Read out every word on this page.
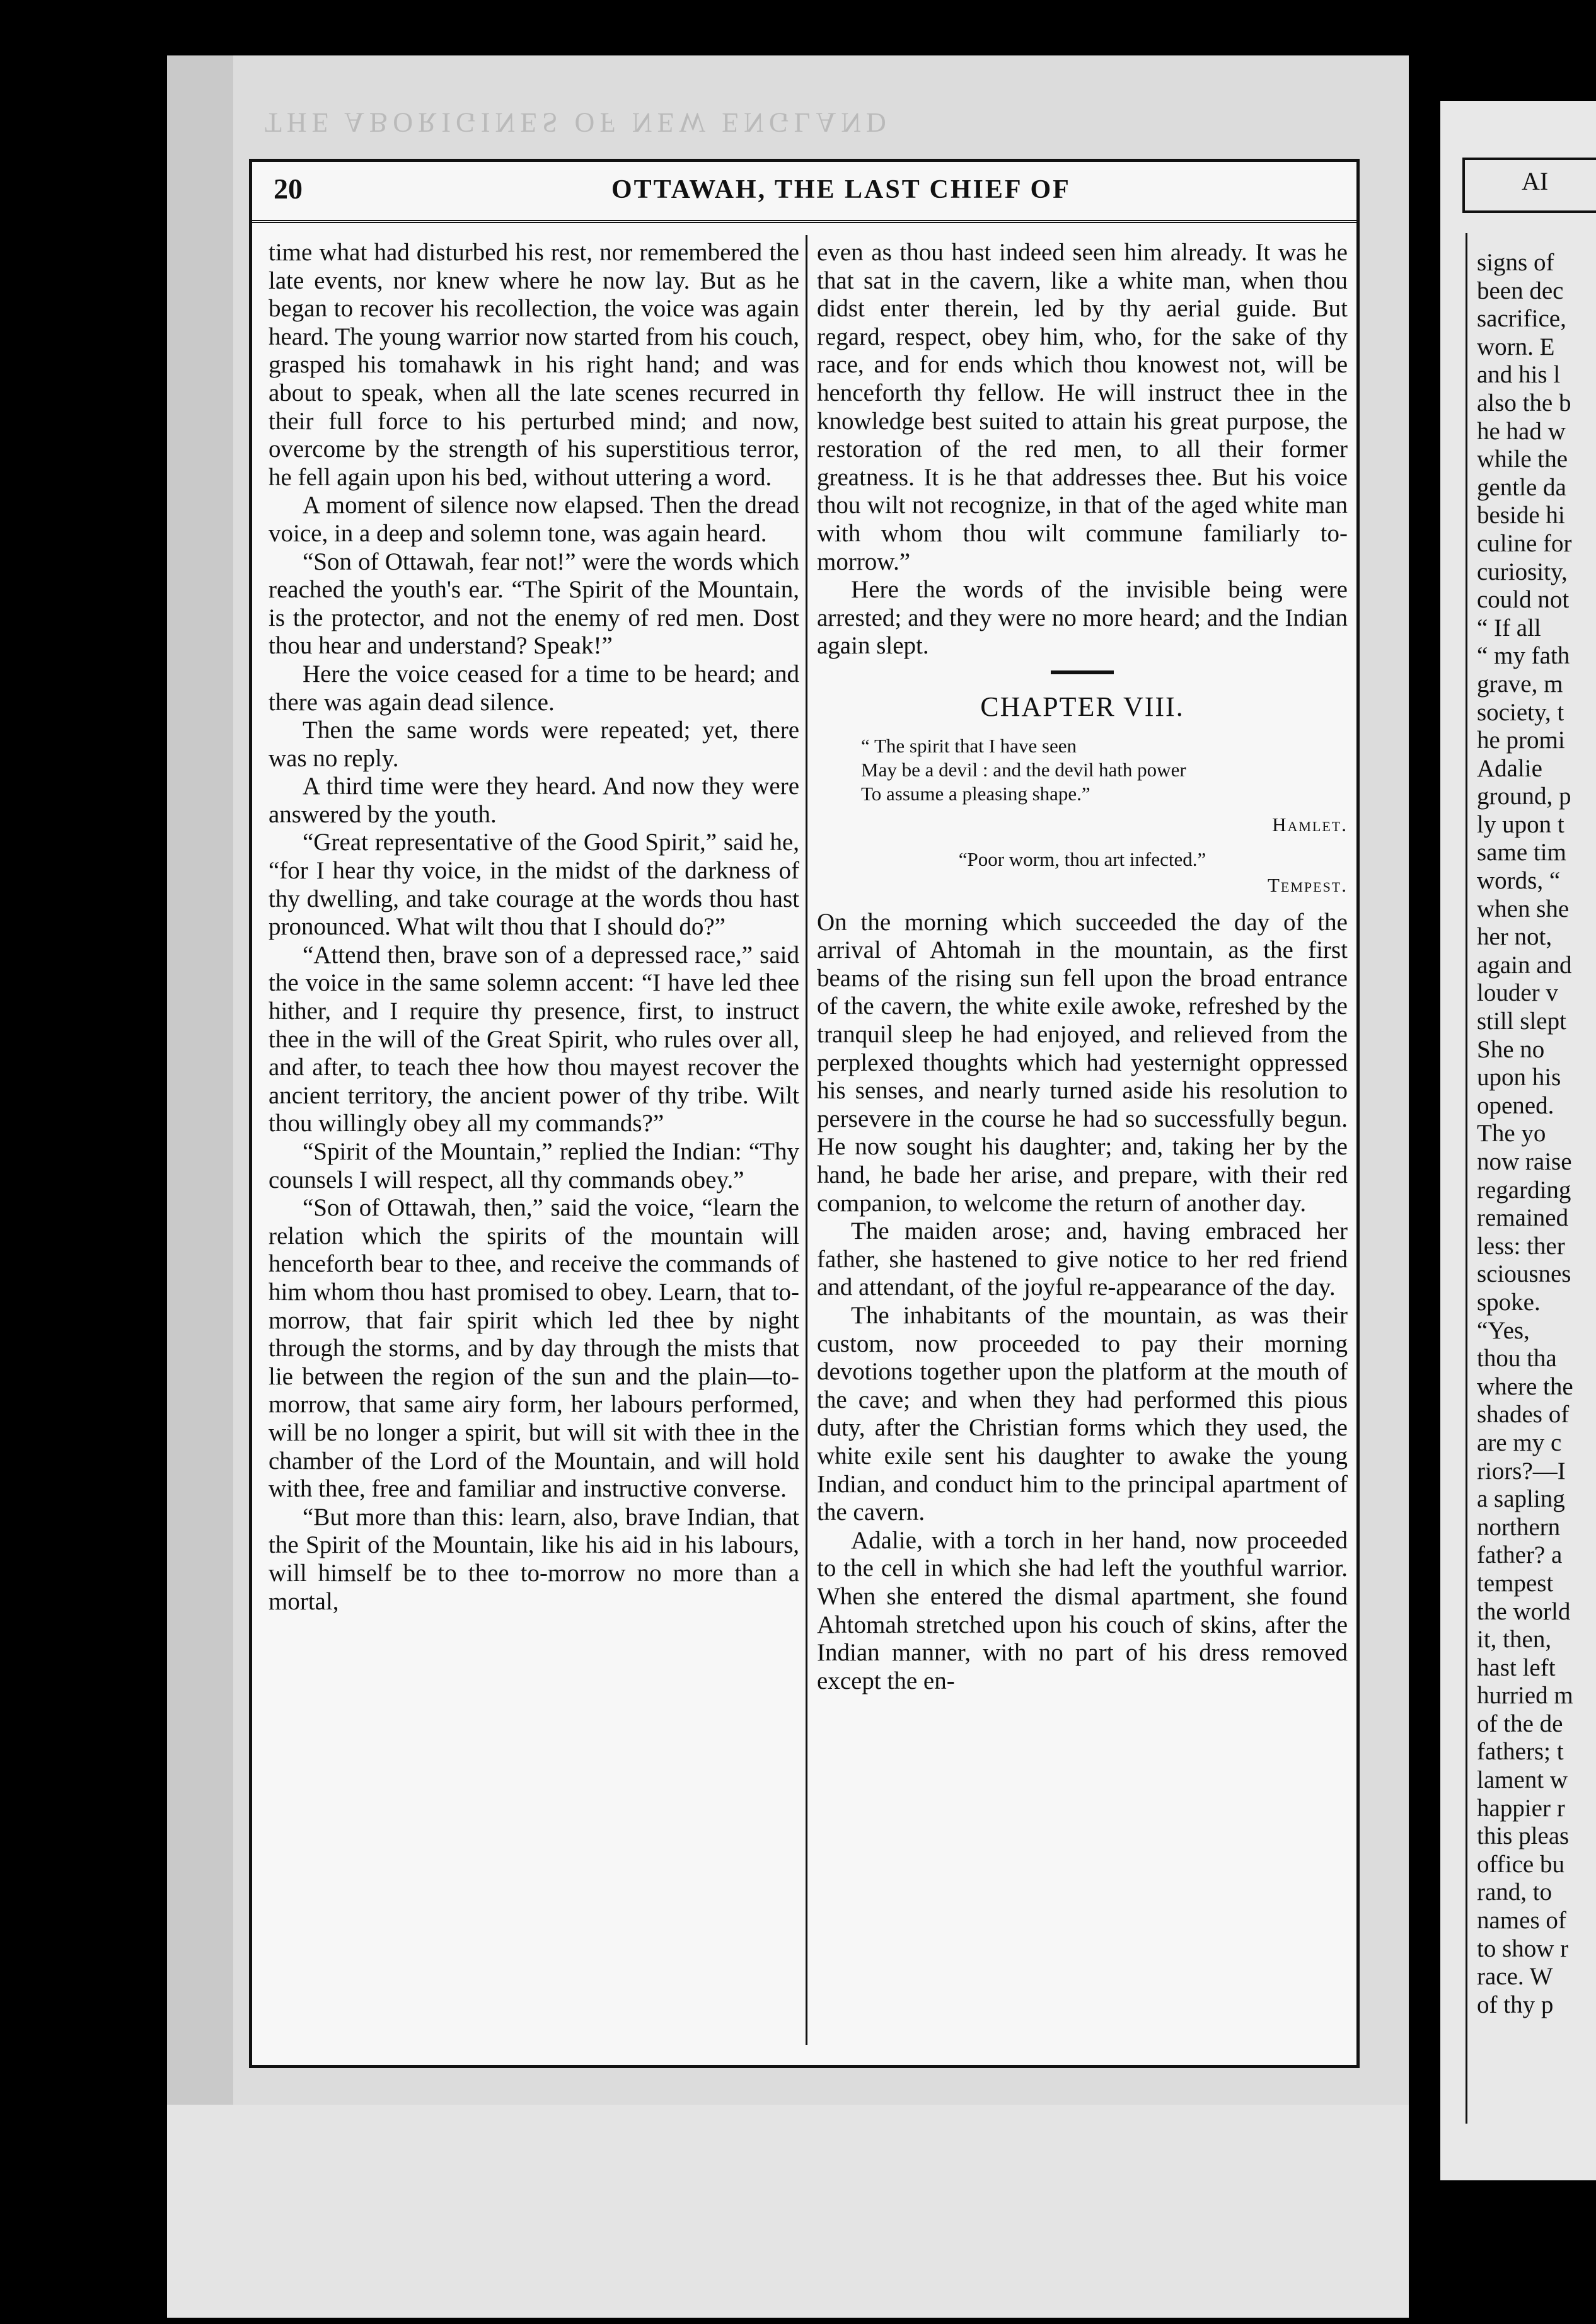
THE ABORIGINES OF NEW ENGLAND
20	OTTAWAH, THE LAST CHIEF OF

time what had disturbed his rest, nor remembered the late events, nor knew where he now lay. But as he began to recover his recollection, the voice was again heard. The young warrior now started from his couch, grasped his tomahawk in his right hand; and was about to speak, when all the late scenes recurred in their full force to his perturbed mind; and now, overcome by the strength of his superstitious terror, he fell again upon his bed, without uttering a word.

A moment of silence now elapsed. Then the dread voice, in a deep and solemn tone, was again heard.

“Son of Ottawah, fear not!” were the words which reached the youth's ear. “The Spirit of the Mountain, is the protector, and not the enemy of red men. Dost thou hear and understand? Speak!”

Here the voice ceased for a time to be heard; and there was again dead silence.

Then the same words were repeated; yet, there was no reply.

A third time were they heard. And now they were answered by the youth.

“Great representative of the Good Spirit,” said he, “for I hear thy voice, in the midst of the darkness of thy dwelling, and take courage at the words thou hast pronounced. What wilt thou that I should do?”

“Attend then, brave son of a depressed race,” said the voice in the same solemn accent: “I have led thee hither, and I require thy presence, first, to instruct thee in the will of the Great Spirit, who rules over all, and after, to teach thee how thou mayest recover the ancient territory, the ancient power of thy tribe. Wilt thou willingly obey all my commands?”

“Spirit of the Mountain,” replied the Indian: “Thy counsels I will respect, all thy commands obey.”

“Son of Ottawah, then,” said the voice, “learn the relation which the spirits of the mountain will henceforth bear to thee, and receive the commands of him whom thou hast promised to obey. Learn, that to-morrow, that fair spirit which led thee by night through the storms, and by day through the mists that lie between the region of the sun and the plain—to-morrow, that same airy form, her labours performed, will be no longer a spirit, but will sit with thee in the chamber of the Lord of the Mountain, and will hold with thee, free and familiar and instructive converse.

“But more than this: learn, also, brave Indian, that the Spirit of the Mountain, like his aid in his labours, will himself be to thee to-morrow no more than a mortal,

even as thou hast indeed seen him already. It was he that sat in the cavern, like a white man, when thou didst enter therein, led by thy aerial guide. But regard, respect, obey him, who, for the sake of thy race, and for ends which thou knowest not, will be henceforth thy fellow. He will instruct thee in the knowledge best suited to attain his great purpose, the restoration of the red men, to all their former greatness. It is he that addresses thee. But his voice thou wilt not recognize, in that of the aged white man with whom thou wilt commune familiarly to-morrow.”

Here the words of the invisible being were arrested; and they were no more heard; and the Indian again slept.

CHAPTER VIII.
“ The spirit that I have seen
May be a devil : and the devil hath power
To assume a pleasing shape.”
Hamlet.
“Poor worm, thou art infected.”
Tempest.

On the morning which succeeded the day of the arrival of Ahtomah in the mountain, as the first beams of the rising sun fell upon the broad entrance of the cavern, the white exile awoke, refreshed by the tranquil sleep he had enjoyed, and relieved from the perplexed thoughts which had yesternight oppressed his senses, and nearly turned aside his resolution to persevere in the course he had so successfully begun. He now sought his daughter; and, taking her by the hand, he bade her arise, and prepare, with their red companion, to welcome the return of another day.

The maiden arose; and, having embraced her father, she hastened to give notice to her red friend and attendant, of the joyful re-appearance of the day.

The inhabitants of the mountain, as was their custom, now proceeded to pay their morning devotions together upon the platform at the mouth of the cave; and when they had performed this pious duty, after the Christian forms which they used, the white exile sent his daughter to awake the young Indian, and conduct him to the principal apartment of the cavern.

Adalie, with a torch in her hand, now proceeded to the cell in which she had left the youthful warrior. When she entered the dismal apartment, she found Ahtomah stretched upon his couch of skins, after the Indian manner, with no part of his dress removed except the en-

AI
signs of
been dec
sacrifice,
worn. E
and his l
also the b
he had w
while the
gentle da
beside hi
culine for
curiosity,
could not
“ If all
“ my fath
grave, m
society, t
he promi
Adalie
ground, p
ly upon t
same tim
words, “
when she
her not,
again and
louder v
still slept
She no
upon his
opened.
The yo
now raise
regarding
remained
less: ther
sciousnes
spoke.
“Yes,
thou tha
where the
shades of
are my c
riors?—I
a sapling
northern
father? a
tempest
the world
it, then,
hast left
hurried m
of the de
fathers; t
lament w
happier r
this pleas
office bu
rand, to
names of
to show r
race. W
of thy p
